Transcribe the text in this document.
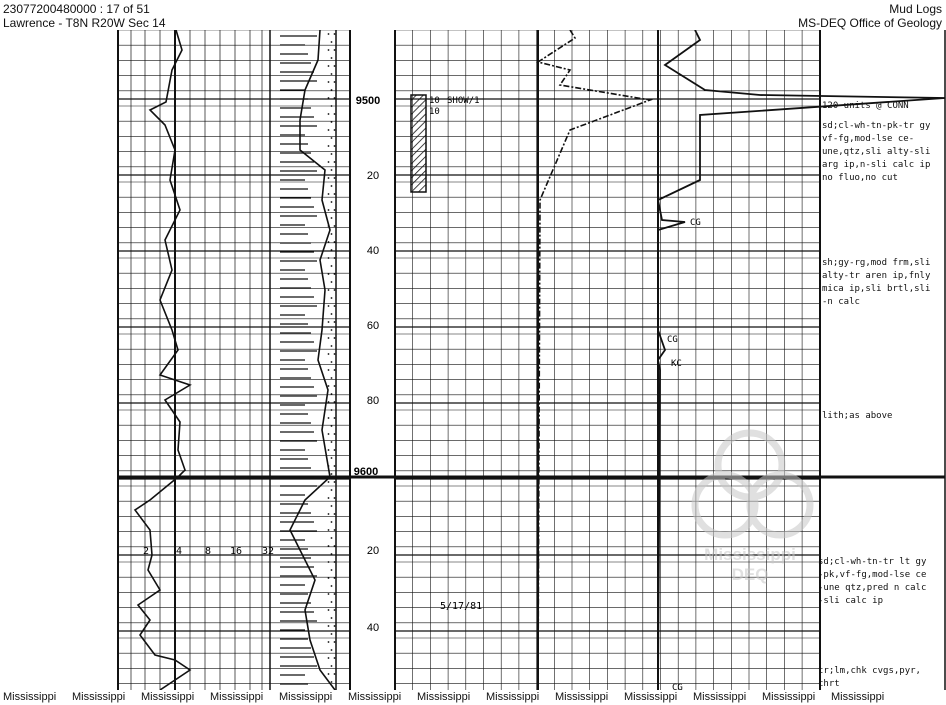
23077200480000 : 17 of 51
Lawrence - T8N R20W Sec 14
Mud Logs
MS-DEQ Office of Geology
9500
20
40
60
80
9600
20
40
2	4 8 16 32
SHOW/1
10
10
CG
CG
KC
CG
5/17/81
Mississippi
DEQ
120 units @ CONN
sd;cl-wh-tn-pk-tr gy
vf-fg,mod-lse ce-
une,qtz,sli alty-sli
arg ip,n-sli calc ip
no fluo,no cut
sh;gy-rg,mod frm,sli
alty-tr aren ip,fnly
mica ip,sli brtl,sli
-n calc
lith;as above
sd;cl-wh-tn-tr lt gy
-pk,vf-fg,mod-lse ce
-une qtz,pred n calc
-sli calc ip
tr;lm,chk cvgs,pyr,
chrt
Mississippi Mississippi Mississippi Mississippi Mississippi Mississippi Mississippi Mississippi Mississippi Mississippi Mississippi Mississippi Mississippi
